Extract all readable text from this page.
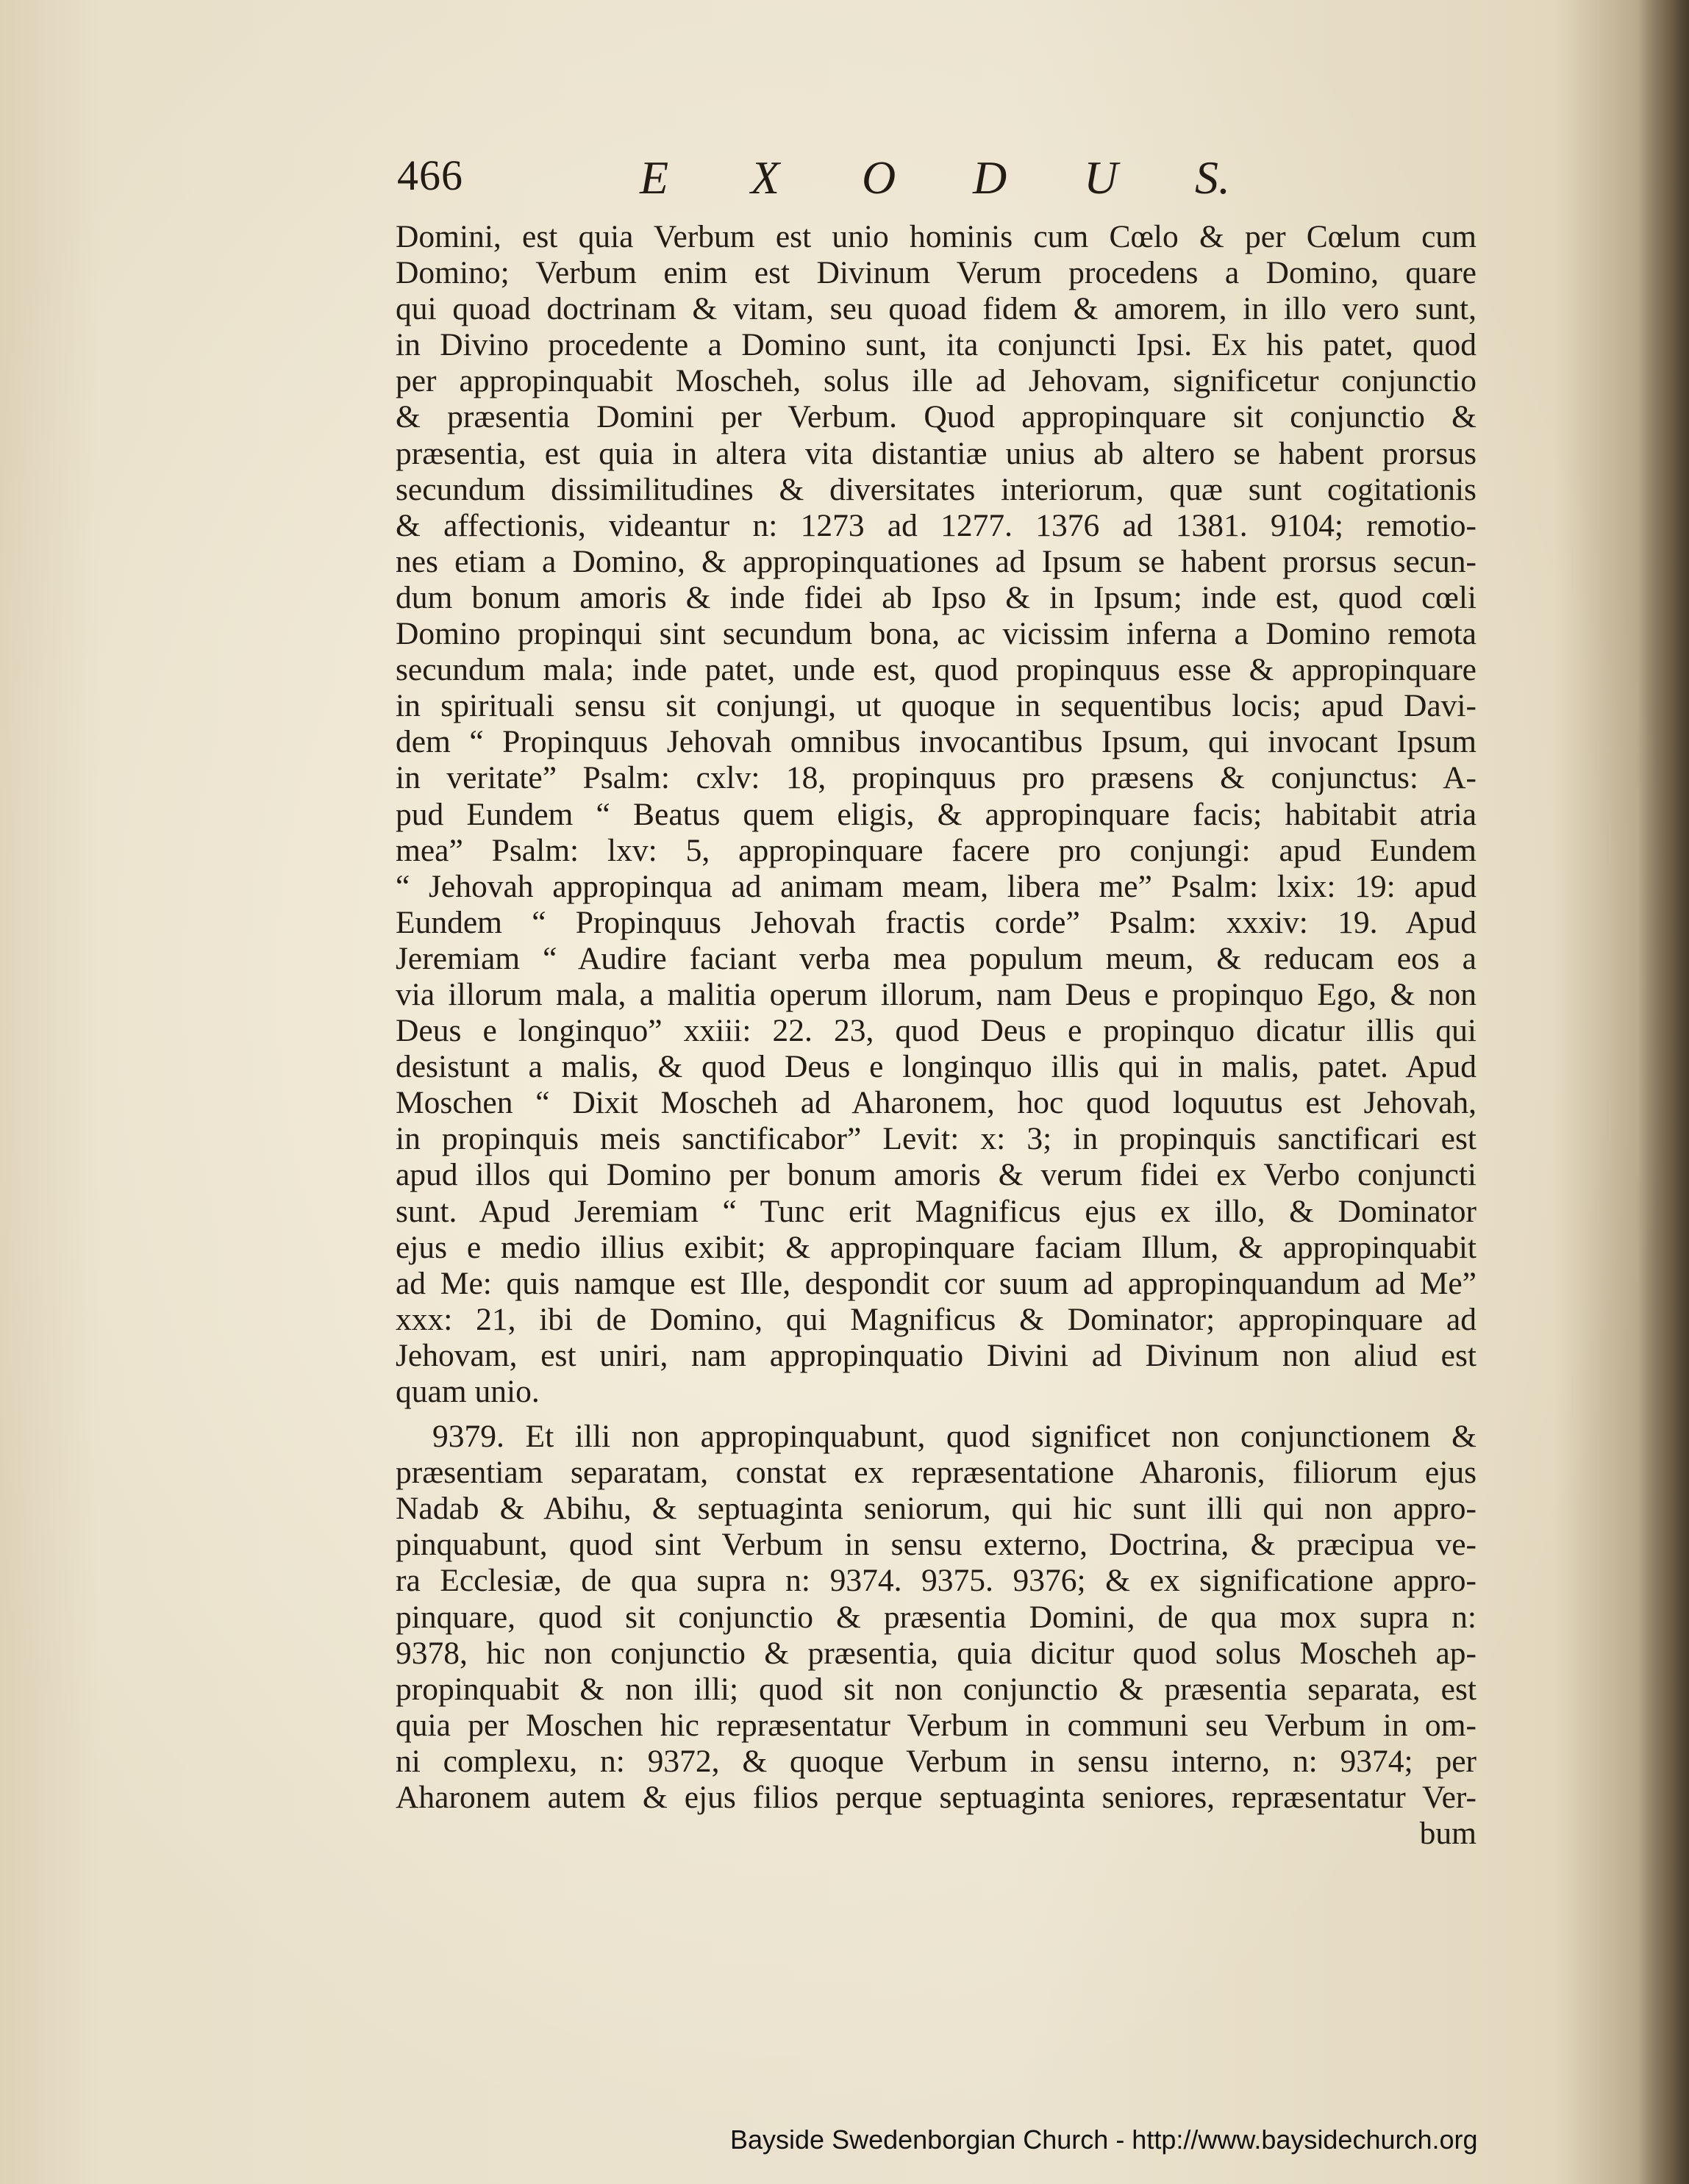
466	E X O D U S.
Domini, est quia Verbum est unio hominis cum Cœlo & per Cœlum cum
Domino; Verbum enim est Divinum Verum procedens a Domino, quare
qui quoad doctrinam & vitam, seu quoad fidem & amorem, in illo vero sunt,
in Divino procedente a Domino sunt, ita conjuncti Ipsi. Ex his patet, quod
per appropinquabit Moscheh, solus ille ad Jehovam, significetur conjunctio
& præsentia Domini per Verbum. Quod appropinquare sit conjunctio &
præsentia, est quia in altera vita distantiæ unius ab altero se habent prorsus
secundum dissimilitudines & diversitates interiorum, quæ sunt cogitationis
& affectionis, videantur n: 1273 ad 1277. 1376 ad 1381. 9104; remotio-
nes etiam a Domino, & appropinquationes ad Ipsum se habent prorsus secun-
dum bonum amoris & inde fidei ab Ipso & in Ipsum; inde est, quod cœli
Domino propinqui sint secundum bona, ac vicissim inferna a Domino remota
secundum mala; inde patet, unde est, quod propinquus esse & appropinquare
in spirituali sensu sit conjungi, ut quoque in sequentibus locis; apud Davi-
dem “ Propinquus Jehovah omnibus invocantibus Ipsum, qui invocant Ipsum
in veritate” Psalm: cxlv: 18, propinquus pro præsens & conjunctus: A-
pud Eundem “ Beatus quem eligis, & appropinquare facis; habitabit atria
mea” Psalm: lxv: 5, appropinquare facere pro conjungi: apud Eundem
“ Jehovah appropinqua ad animam meam, libera me” Psalm: lxix: 19: apud
Eundem “ Propinquus Jehovah fractis corde” Psalm: xxxiv: 19. Apud
Jeremiam “ Audire faciant verba mea populum meum, & reducam eos a
via illorum mala, a malitia operum illorum, nam Deus e propinquo Ego, & non
Deus e longinquo” xxiii: 22. 23, quod Deus e propinquo dicatur illis qui
desistunt a malis, & quod Deus e longinquo illis qui in malis, patet. Apud
Moschen “ Dixit Moscheh ad Aharonem, hoc quod loquutus est Jehovah,
in propinquis meis sanctificabor” Levit: x: 3; in propinquis sanctificari est
apud illos qui Domino per bonum amoris & verum fidei ex Verbo conjuncti
sunt. Apud Jeremiam “ Tunc erit Magnificus ejus ex illo, & Dominator
ejus e medio illius exibit; & appropinquare faciam Illum, & appropinquabit
ad Me: quis namque est Ille, despondit cor suum ad appropinquandum ad Me”
xxx: 21, ibi de Domino, qui Magnificus & Dominator; appropinquare ad
Jehovam, est uniri, nam appropinquatio Divini ad Divinum non aliud est
quam unio.
9379. Et illi non appropinquabunt, quod significet non conjunctionem &
præsentiam separatam, constat ex repræsentatione Aharonis, filiorum ejus
Nadab & Abihu, & septuaginta seniorum, qui hic sunt illi qui non appro-
pinquabunt, quod sint Verbum in sensu externo, Doctrina, & præcipua ve-
ra Ecclesiæ, de qua supra n: 9374. 9375. 9376; & ex significatione appro-
pinquare, quod sit conjunctio & præsentia Domini, de qua mox supra n:
9378, hic non conjunctio & præsentia, quia dicitur quod solus Moscheh ap-
propinquabit & non illi; quod sit non conjunctio & præsentia separata, est
quia per Moschen hic repræsentatur Verbum in communi seu Verbum in om-
ni complexu, n: 9372, & quoque Verbum in sensu interno, n: 9374; per
Aharonem autem & ejus filios perque septuaginta seniores, repræsentatur Ver-
bum
Bayside Swedenborgian Church - http://www.baysidechurch.org
